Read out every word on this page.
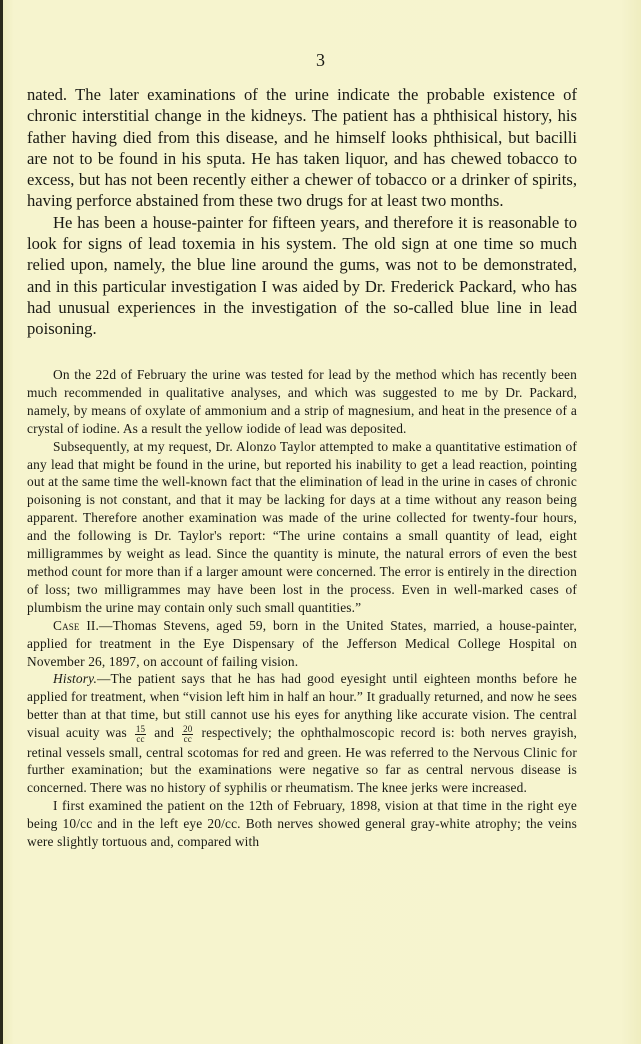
3

nated. The later examinations of the urine indicate the probable existence of chronic interstitial change in the kidneys. The patient has a phthisical history, his father having died from this disease, and he himself looks phthisical, but bacilli are not to be found in his sputa. He has taken liquor, and has chewed tobacco to excess, but has not been recently either a chewer of tobacco or a drinker of spirits, having perforce abstained from these two drugs for at least two months.

He has been a house-painter for fifteen years, and therefore it is reasonable to look for signs of lead toxemia in his system. The old sign at one time so much relied upon, namely, the blue line around the gums, was not to be demonstrated, and in this particular investigation I was aided by Dr. Frederick Packard, who has had unusual experiences in the investigation of the so-called blue line in lead poisoning.

On the 22d of February the urine was tested for lead by the method which has recently been much recommended in qualitative analyses, and which was suggested to me by Dr. Packard, namely, by means of oxylate of ammonium and a strip of magnesium, and heat in the presence of a crystal of iodine. As a result the yellow iodide of lead was deposited.

Subsequently, at my request, Dr. Alonzo Taylor attempted to make a quantitative estimation of any lead that might be found in the urine, but reported his inability to get a lead reaction, pointing out at the same time the well-known fact that the elimination of lead in the urine in cases of chronic poisoning is not constant, and that it may be lacking for days at a time without any reason being apparent. Therefore another examination was made of the urine collected for twenty-four hours, and the following is Dr. Taylor's report: “The urine contains a small quantity of lead, eight milligrammes by weight as lead. Since the quantity is minute, the natural errors of even the best method count for more than if a larger amount were concerned. The error is entirely in the direction of loss; two milligrammes may have been lost in the process. Even in well-marked cases of plumbism the urine may contain only such small quantities.”

Case II.—Thomas Stevens, aged 59, born in the United States, married, a house-painter, applied for treatment in the Eye Dispensary of the Jefferson Medical College Hospital on November 26, 1897, on account of failing vision.

History.—The patient says that he has had good eyesight until eighteen months before he applied for treatment, when “vision left him in half an hour.” It gradually returned, and now he sees better than at that time, but still cannot use his eyes for anything like accurate vision. The central visual acuity was $\frac{15}{cc}$ and $\frac{20}{cc}$ respectively; the ophthalmoscopic record is: both nerves grayish, retinal vessels small, central scotomas for red and green. He was referred to the Nervous Clinic for further examination; but the examinations were negative so far as central nervous disease is concerned. There was no history of syphilis or rheumatism. The knee jerks were increased.

I first examined the patient on the 12th of February, 1898, vision at that time in the right eye being 10/cc and in the left eye 20/cc. Both nerves showed general gray-white atrophy; the veins were slightly tortuous and, compared with
